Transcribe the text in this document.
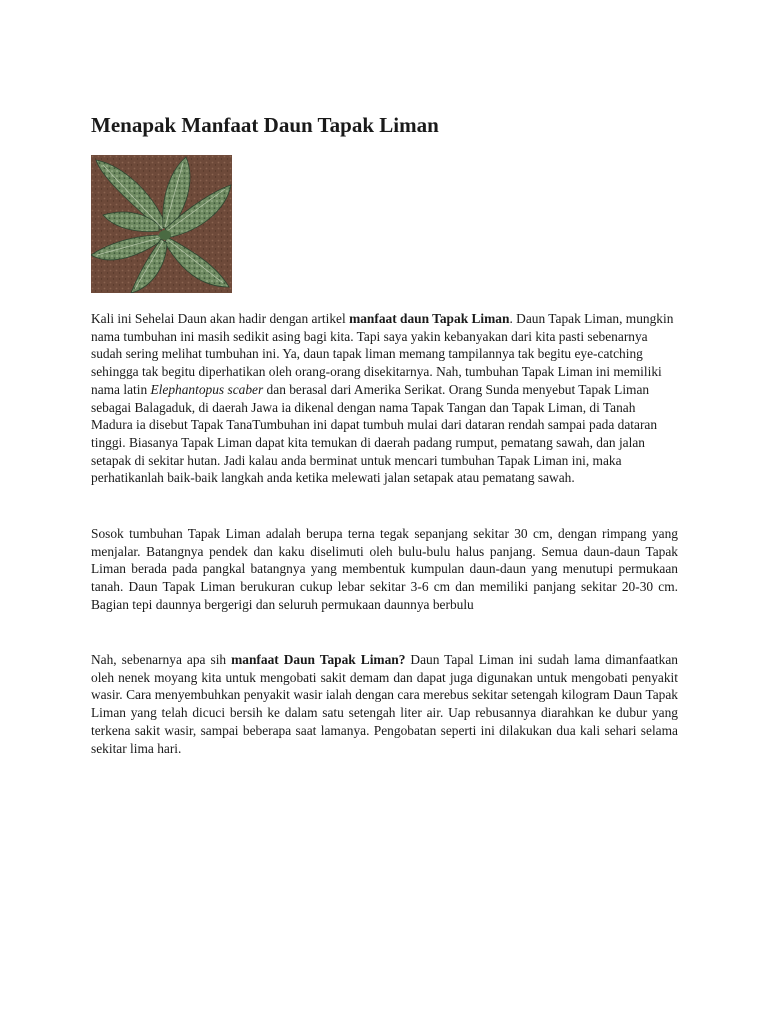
Menapak Manfaat Daun Tapak Liman

Kali ini Sehelai Daun akan hadir dengan artikel manfaat daun Tapak Liman. Daun Tapak Liman, mungkin nama tumbuhan ini masih sedikit asing bagi kita. Tapi saya yakin kebanyakan dari kita pasti sebenarnya sudah sering melihat tumbuhan ini. Ya, daun tapak liman memang tampilannya tak begitu eye-catching sehingga tak begitu diperhatikan oleh orang-orang disekitarnya. Nah, tumbuhan Tapak Liman ini memiliki nama latin Elephantopus scaber dan berasal dari Amerika Serikat. Orang Sunda menyebut Tapak Liman sebagai Balagaduk, di daerah Jawa ia dikenal dengan nama Tapak Tangan dan Tapak Liman, di Tanah Madura ia disebut Tapak TanaTumbuhan ini dapat tumbuh mulai dari dataran rendah sampai pada dataran tinggi. Biasanya Tapak Liman dapat kita temukan di daerah padang rumput, pematang sawah, dan jalan setapak di sekitar hutan. Jadi kalau anda berminat untuk mencari tumbuhan Tapak Liman ini, maka perhatikanlah baik-baik langkah anda ketika melewati jalan setapak atau pematang sawah.

Sosok tumbuhan Tapak Liman adalah berupa terna tegak sepanjang sekitar 30 cm, dengan rimpang yang menjalar. Batangnya pendek dan kaku diselimuti oleh bulu-bulu halus panjang. Semua daun-daun Tapak Liman berada pada pangkal batangnya yang membentuk kumpulan daun-daun yang menutupi permukaan tanah. Daun Tapak Liman berukuran cukup lebar sekitar 3-6 cm dan memiliki panjang sekitar 20-30 cm. Bagian tepi daunnya bergerigi dan seluruh permukaan daunnya berbulu

Nah, sebenarnya apa sih manfaat Daun Tapak Liman? Daun Tapal Liman ini sudah lama dimanfaatkan oleh nenek moyang kita untuk mengobati sakit demam dan dapat juga digunakan untuk mengobati penyakit wasir. Cara menyembuhkan penyakit wasir ialah dengan cara merebus sekitar setengah kilogram Daun Tapak Liman yang telah dicuci bersih ke dalam satu setengah liter air. Uap rebusannya diarahkan ke dubur yang terkena sakit wasir, sampai beberapa saat lamanya. Pengobatan seperti ini dilakukan dua kali sehari selama sekitar lima hari.
